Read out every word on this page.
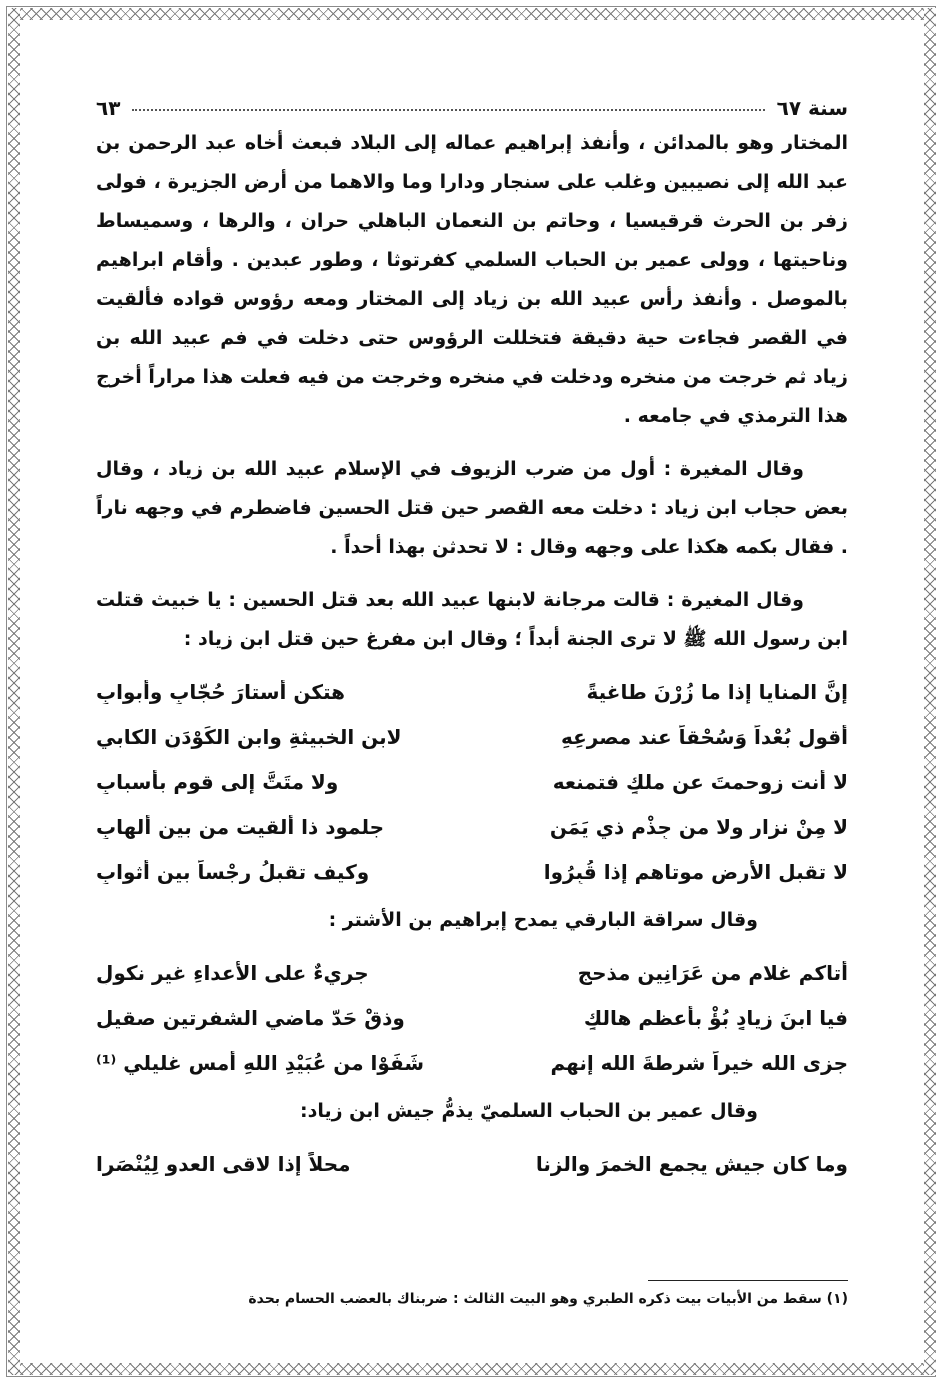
سنة ٦٧
٦٣

المختار وهو بالمدائن ، وأنفذ إبراهيم عماله إلى البلاد فبعث أخاه عبد الرحمن بن عبد الله إلى نصيبين وغلب على سنجار ودارا وما والاهما من أرض الجزيرة ، فولى زفر بن الحرث قرقيسيا ، وحاتم بن النعمان الباهلي حران ، والرها ، وسميساط وناحيتها ، وولى عمير بن الحباب السلمي كفرتوثا ، وطور عبدين . وأقام ابراهيم بالموصل . وأنفذ رأس عبيد الله بن زياد إلى المختار ومعه رؤوس قواده فألقيت في القصر فجاءت حية دقيقة فتخللت الرؤوس حتى دخلت في فم عبيد الله بن زياد ثم خرجت من منخره ودخلت في منخره وخرجت من فيه فعلت هذا مراراً أخرج هذا الترمذي في جامعه .

وقال المغيرة : أول من ضرب الزيوف في الإسلام عبيد الله بن زياد ، وقال بعض حجاب ابن زياد : دخلت معه القصر حين قتل الحسين فاضطرم في وجهه ناراً . فقال بكمه هكذا على وجهه وقال : لا تحدثن بهذا أحداً .

وقال المغيرة : قالت مرجانة لابنها عبيد الله بعد قتل الحسين : يا خبيث قتلت ابن رسول الله ﷺ لا ترى الجنة أبداً ؛ وقال ابن مفرغ حين قتل ابن زياد :

إنَّ المنايا إذا ما زُرْنَ طاغيةً
هتكن أستارَ حُجّابٍ وأبوابِ
أقول بُعْداً وَسُحْقاً عند مصرعِهِ
لابن الخبيثةِ وابن الكَوْدَنِ الكابي
لا أنت زوحمتَ عن ملكٍ فتمنعه
ولا متَتَّ إلى قوم بأسبابِ
لا مِنْ نزار ولا من جِذْمِ ذي يَمَنِ
جلمود ذا ألقيت من بين ألهابِ
لا تقبل الأرض موتاهم إذا قُبِرُوا
وكيف تقبلُ رِجْساً بين أثوابِ
وقال سراقة البارقي يمدح إبراهيم بن الأشتر :
أتاكم غلام من عَرَانِينِ مذحجٍ
جريءٌ على الأعداءِ غيرِ نكولِ
فيا ابنَ زيادٍ بُؤْ بأعظم هالكٍ
وذقْ حَدّ ماضي الشفرتينِ صقيلِ
جزى الله خيراً شرطةَ الله إنهم
شَفَوْا من عُبَيْدِ اللهِ أمسِ غليلي ⁽¹⁾
وقال عمير بن الحباب السلميّ يذمُّ جيش ابن زياد:
وما كان جيش يجمع الخمرَ والزنا
محلاً إذا لاقى العدو لِيُنْصَرا
(١) سقط من الأبيات بيت ذكره الطبري وهو البيت الثالث : ضربناك بالعضب الحسام بحدة
